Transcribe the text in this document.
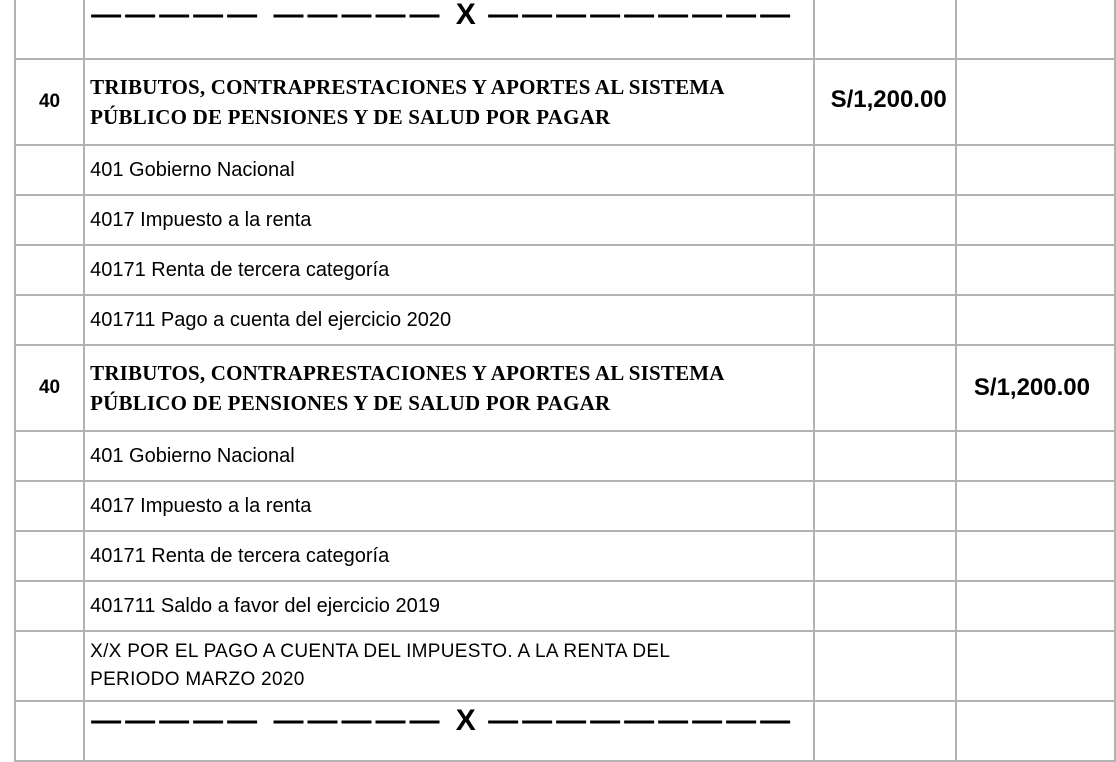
	————— ————— X —————————		
40	TRIBUTOS, CONTRAPRESTACIONES Y APORTES AL SISTEMA
PÚBLICO DE PENSIONES Y DE SALUD POR PAGAR	S/1,200.00	
	401 Gobierno Nacional		
	4017 Impuesto a la renta		
	40171 Renta de tercera categoría		
	401711 Pago a cuenta del ejercicio 2020		
40	TRIBUTOS, CONTRAPRESTACIONES Y APORTES AL SISTEMA
PÚBLICO DE PENSIONES Y DE SALUD POR PAGAR		S/1,200.00
	401 Gobierno Nacional		
	4017 Impuesto a la renta		
	40171 Renta de tercera categoría		
	401711 Saldo a favor del ejercicio 2019		

	X/X POR EL PAGO A CUENTA DEL IMPUESTO. A LA RENTA DEL
PERIODO MARZO 2020		

	————— ————— X —————————		
